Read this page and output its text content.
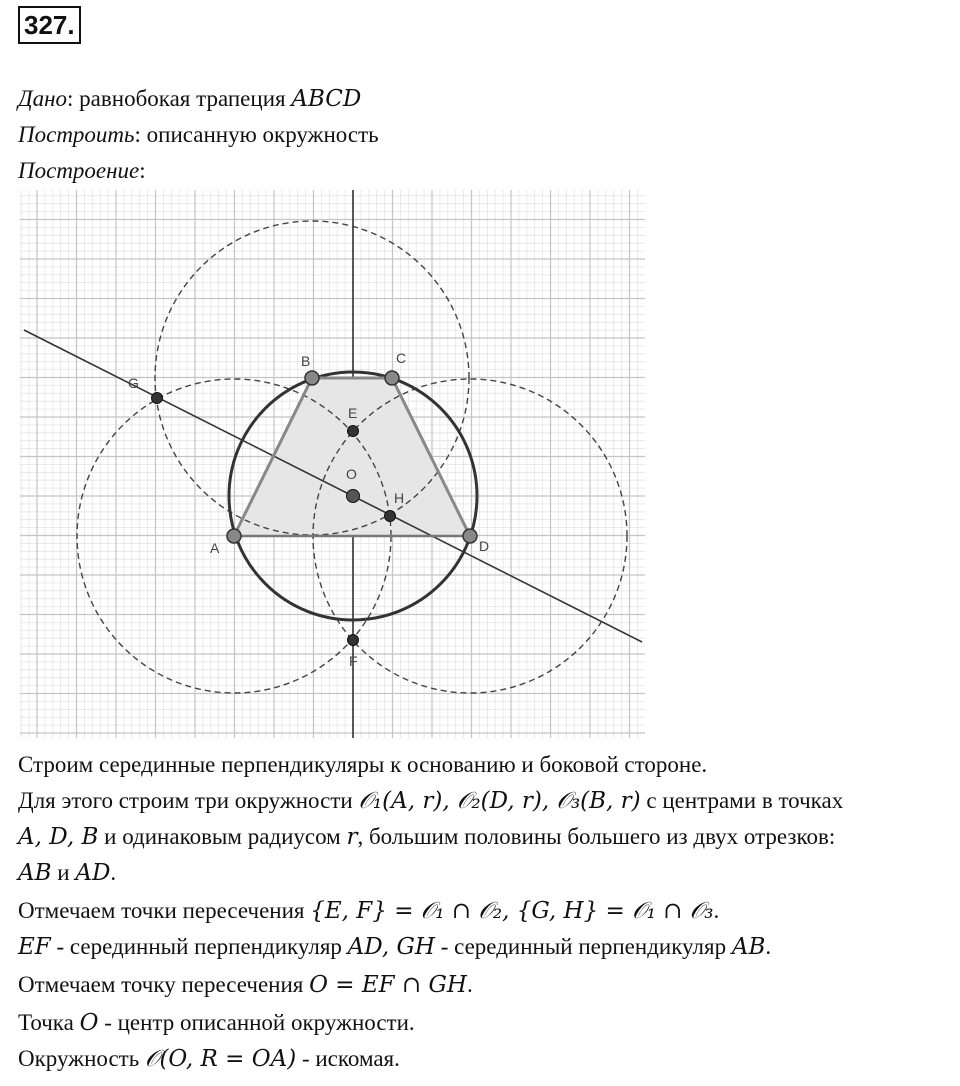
327.
Дано: равнобокая трапеция ABCD
Построить: описанную окружность
Построение:
A
B	C
D
E
F
G
H
O
Строим серединные перпендикуляры к основанию и боковой стороне.
Для этого строим три окружности 𝒪₁(A, r), 𝒪₂(D, r), 𝒪₃(B, r) с центрами в точках
A, D, B и одинаковым радиусом r, большим половины большего из двух отрезков:
AB и AD.
Отмечаем точки пересечения {E, F} = 𝒪₁ ∩ 𝒪₂, {G, H} = 𝒪₁ ∩ 𝒪₃.
EF - серединный перпендикуляр AD, GH - серединный перпендикуляр AB.
Отмечаем точку пересечения O = EF ∩ GH.
Точка O - центр описанной окружности.
Окружность 𝒪(O, R = OA) - искомая.
